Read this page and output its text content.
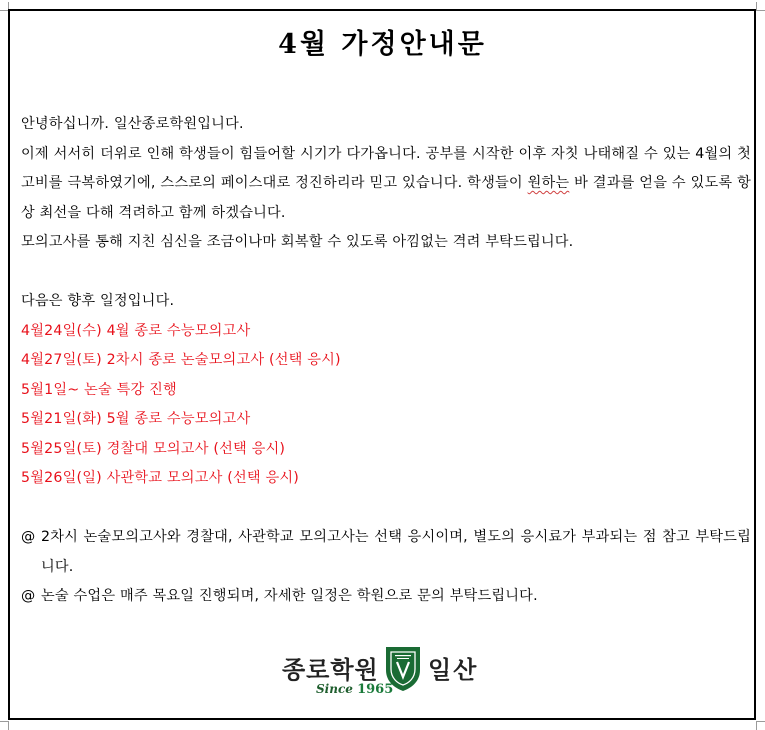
4월 가정안내문

안녕하십니까. 일산종로학원입니다.

이제 서서히 더위로 인해 학생들이 힘들어할 시기가 다가옵니다. 공부를 시작한 이후 자칫 나태해질 수 있는 4월의 첫 고비를 극복하였기에, 스스로의 페이스대로 정진하리라 믿고 있습니다. 학생들이 원하는 바 결과를 얻을 수 있도록 항상 최선을 다해 격려하고 함께 하겠습니다.

모의고사를 통해 지친 심신을 조금이나마 회복할 수 있도록 아낌없는 격려 부탁드립니다.

다음은 향후 일정입니다.

4월24일(수) 4월 종로 수능모의고사

4월27일(토) 2차시 종로 논술모의고사 (선택 응시)

5월1일~ 논술 특강 진행

5월21일(화) 5월 종로 수능모의고사

5월25일(토) 경찰대 모의고사 (선택 응시)

5월26일(일) 사관학교 모의고사 (선택 응시)

@ 2차시 논술모의고사와 경찰대, 사관학교 모의고사는 선택 응시이며, 별도의 응시료가 부과되는 점 참고 부탁드립니다.
@ 논술 수업은 매주 목요일 진행되며, 자세한 일정은 학원으로 문의 부탁드립니다.
종로학원
Since 1965
일산
